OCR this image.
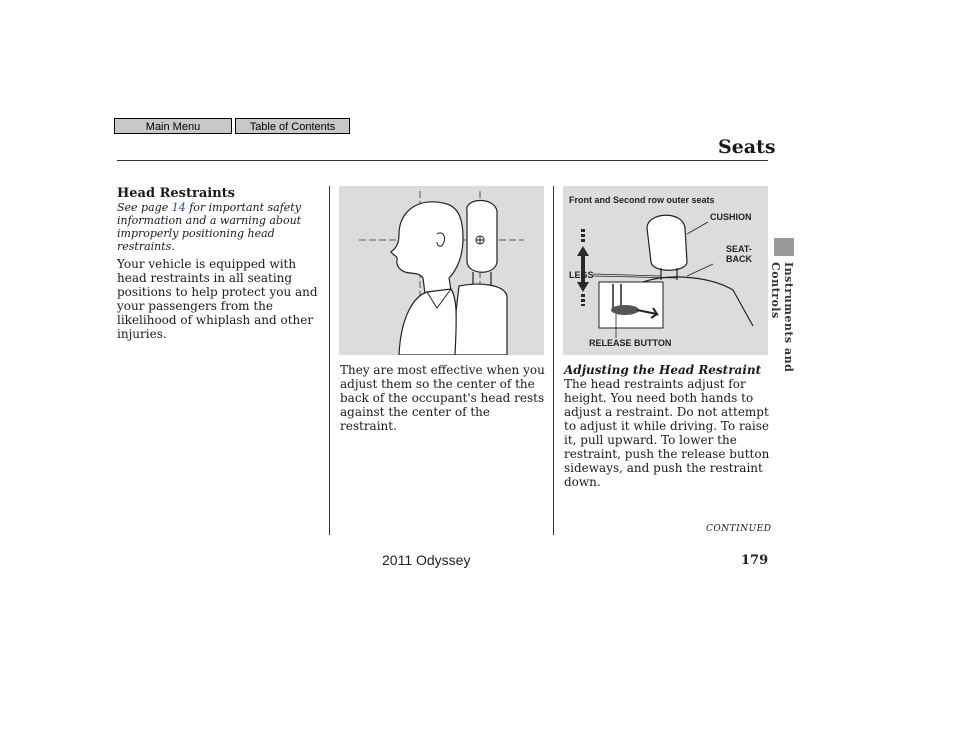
Main Menu	Table of Contents
Seats
Instruments and Controls
Head Restraints
See page 14 for important safety information and a warning about improperly positioning head restraints.
Your vehicle is equipped with head restraints in all seating positions to help protect you and your passengers from the likelihood of whiplash and other injuries.
They are most effective when you adjust them so the center of the back of the occupant's head rests against the center of the restraint.
Front and Second row outer seats
CUSHION
SEAT-
BACK
LEGS
RELEASE BUTTON
Adjusting the Head Restraint
The head restraints adjust for height. You need both hands to adjust a restraint. Do not attempt to adjust it while driving. To raise it, pull upward. To lower the restraint, push the release button sideways, and push the restraint down.
CONTINUED
2011 Odyssey	179
